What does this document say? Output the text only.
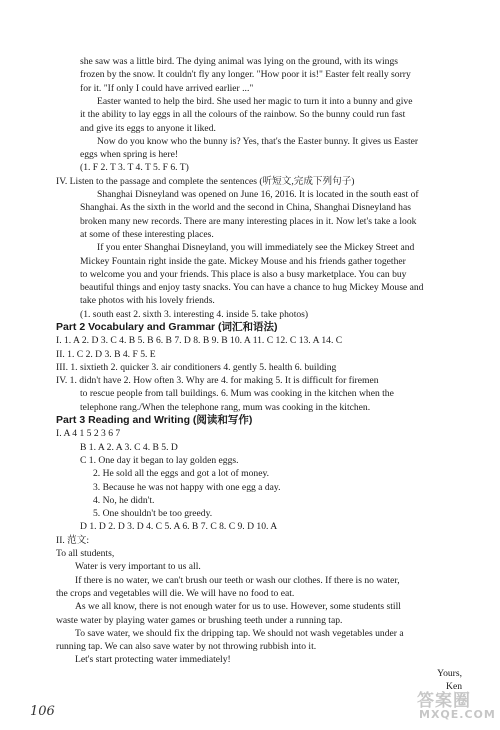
she saw was a little bird. The dying animal was lying on the ground, with its wings
frozen by the snow. It couldn't fly any longer. "How poor it is!" Easter felt really sorry
for it. "If only I could have arrived earlier ..."
Easter wanted to help the bird. She used her magic to turn it into a bunny and give
it the ability to lay eggs in all the colours of the rainbow. So the bunny could run fast
and give its eggs to anyone it liked.
Now do you know who the bunny is? Yes, that's the Easter bunny. It gives us Easter
eggs when spring is here!
(1. F 2. T 3. T 4. T 5. F 6. T)
IV. Listen to the passage and complete the sentences (听短文,完成下列句子)
Shanghai Disneyland was opened on June 16, 2016. It is located in the south east of
Shanghai. As the sixth in the world and the second in China, Shanghai Disneyland has
broken many new records. There are many interesting places in it. Now let's take a look
at some of these interesting places.
If you enter Shanghai Disneyland, you will immediately see the Mickey Street and
Mickey Fountain right inside the gate. Mickey Mouse and his friends gather together
to welcome you and your friends. This place is also a busy marketplace. You can buy
beautiful things and enjoy tasty snacks. You can have a chance to hug Mickey Mouse and
take photos with his lovely friends.
(1. south east 2. sixth 3. interesting 4. inside 5. take photos)
Part 2 Vocabulary and Grammar (词汇和语法)
I. 1. A 2. D 3. C 4. B 5. B 6. B 7. D 8. B 9. B 10. A 11. C 12. C 13. A 14. C
II. 1. C 2. D 3. B 4. F 5. E
III. 1. sixtieth 2. quicker 3. air conditioners 4. gently 5. health 6. building
IV. 1. didn't have 2. How often 3. Why are 4. for making 5. It is difficult for firemen
to rescue people from tall buildings. 6. Mum was cooking in the kitchen when the
telephone rang./When the telephone rang, mum was cooking in the kitchen.
Part 3 Reading and Writing (阅读和写作)
I. A 4 1 5 2 3 6 7
B 1. A 2. A 3. C 4. B 5. D
C 1. One day it began to lay golden eggs.
2. He sold all the eggs and got a lot of money.
3. Because he was not happy with one egg a day.
4. No, he didn't.
5. One shouldn't be too greedy.
D 1. D 2. D 3. D 4. C 5. A 6. B 7. C 8. C 9. D 10. A
II. 范文:
To all students,
Water is very important to us all.
If there is no water, we can't brush our teeth or wash our clothes. If there is no water,
the crops and vegetables will die. We will have no food to eat.
As we all know, there is not enough water for us to use. However, some students still
waste water by playing water games or brushing teeth under a running tap.
To save water, we should fix the dripping tap. We should not wash vegetables under a
running tap. We can also save water by not throwing rubbish into it.
Let's start protecting water immediately!
Yours,
Ken
106
答案圈
MXQE.COM
